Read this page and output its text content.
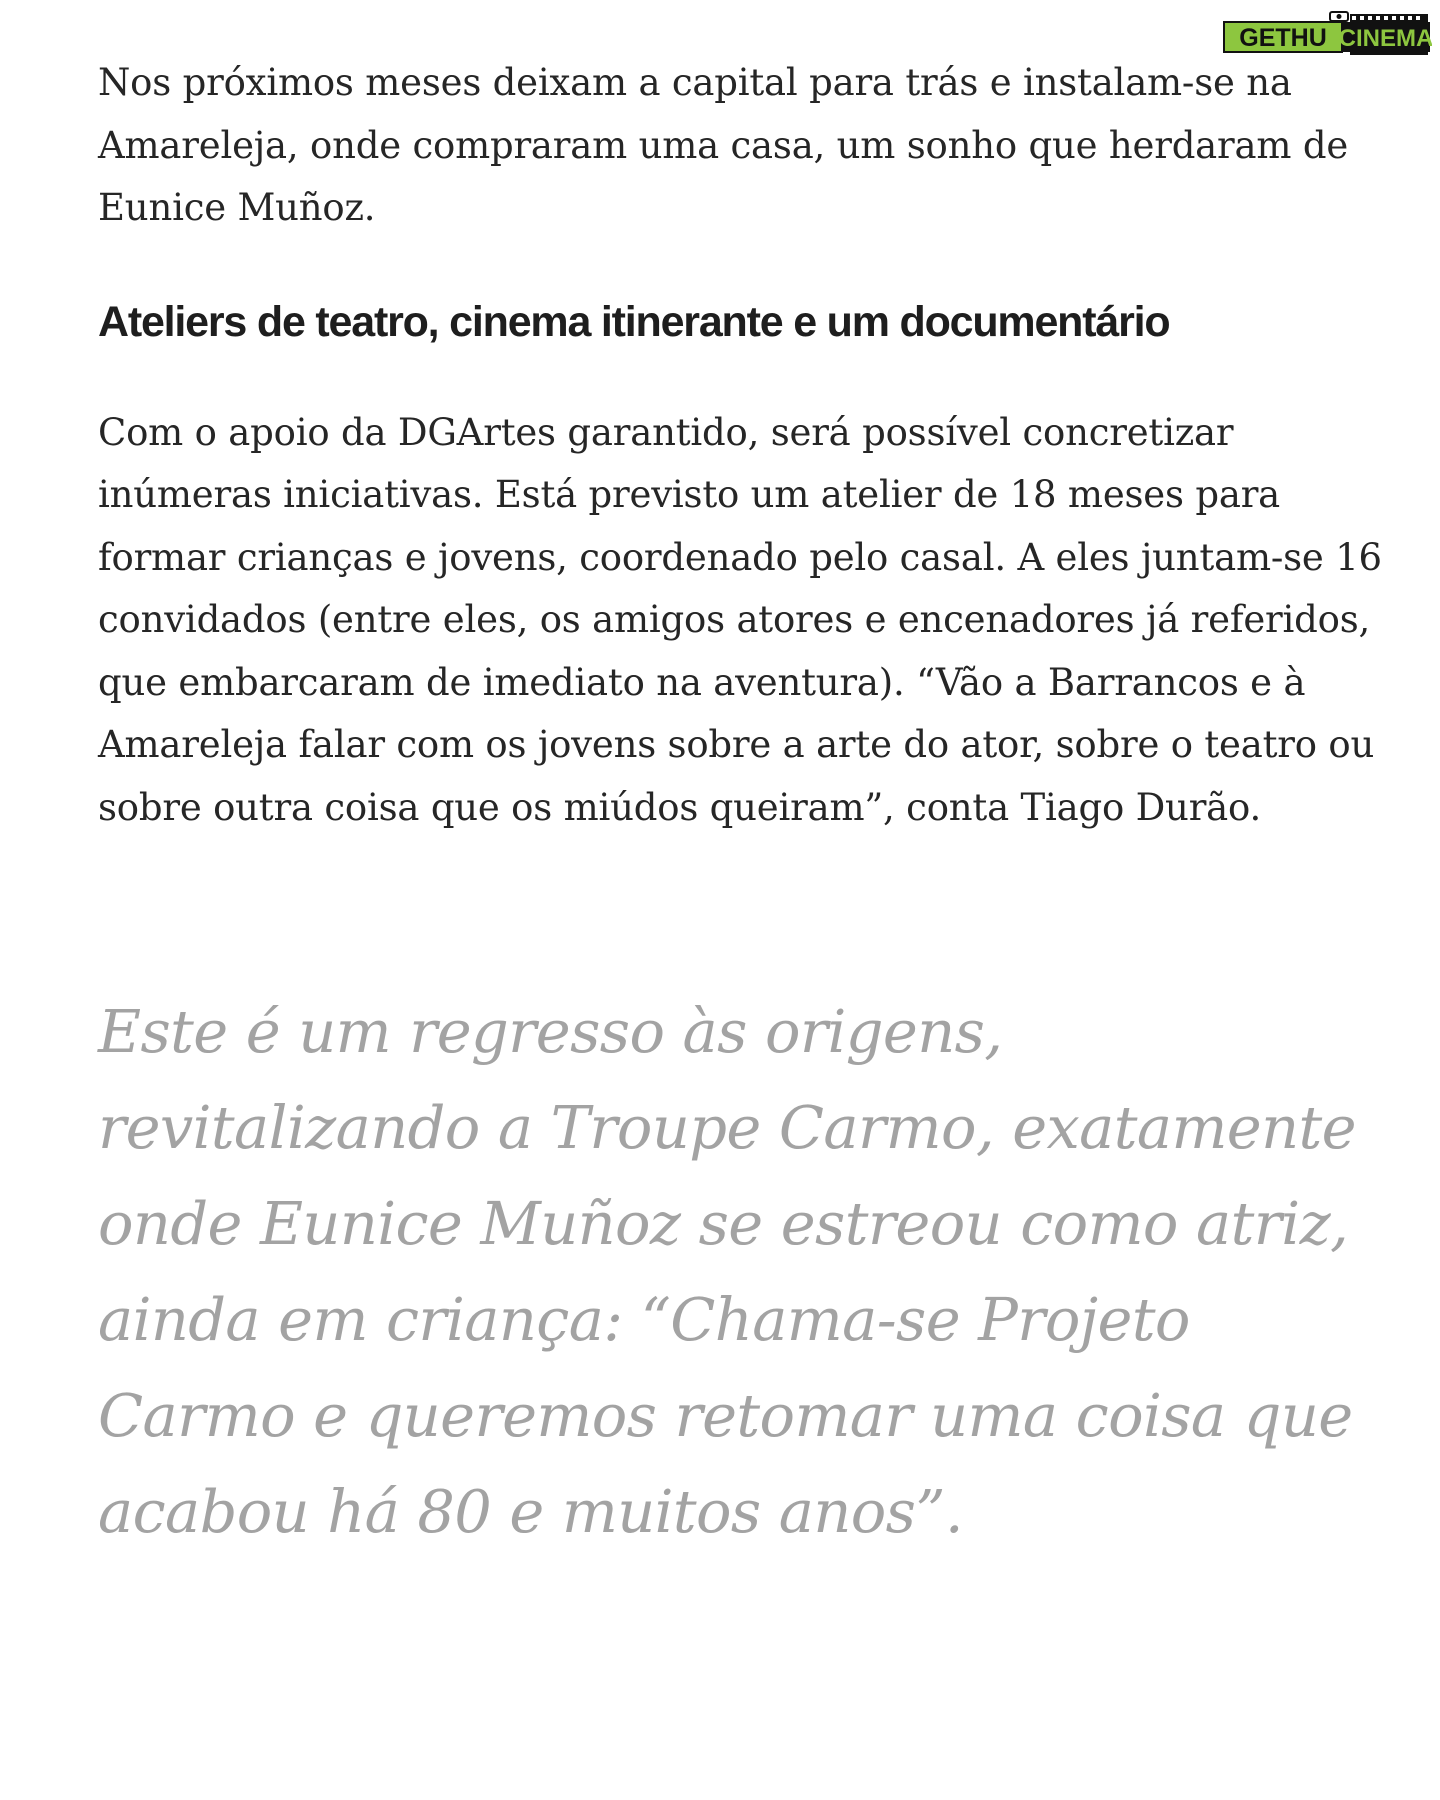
GETHU CINEMA

Nos próximos meses deixam a capital para trás e instalam-se na Amareleja, onde compraram uma casa, um sonho que herdaram de Eunice Muñoz.

Ateliers de teatro, cinema itinerante e um documentário

Com o apoio da DGArtes garantido, será possível concretizar inúmeras iniciativas. Está previsto um atelier de 18 meses para formar crianças e jovens, coordenado pelo casal. A eles juntam-se 16 convidados (entre eles, os amigos atores e encenadores já referidos, que embarcaram de imediato na aventura). “Vão a Barrancos e à Amareleja falar com os jovens sobre a arte do ator, sobre o teatro ou sobre outra coisa que os miúdos queiram”, conta Tiago Durão.

Este é um regresso às origens, revitalizando a Troupe Carmo, exatamente onde Eunice Muñoz se estreou como atriz, ainda em criança: “Chama-se Projeto Carmo e queremos retomar uma coisa que acabou há 80 e muitos anos”.
